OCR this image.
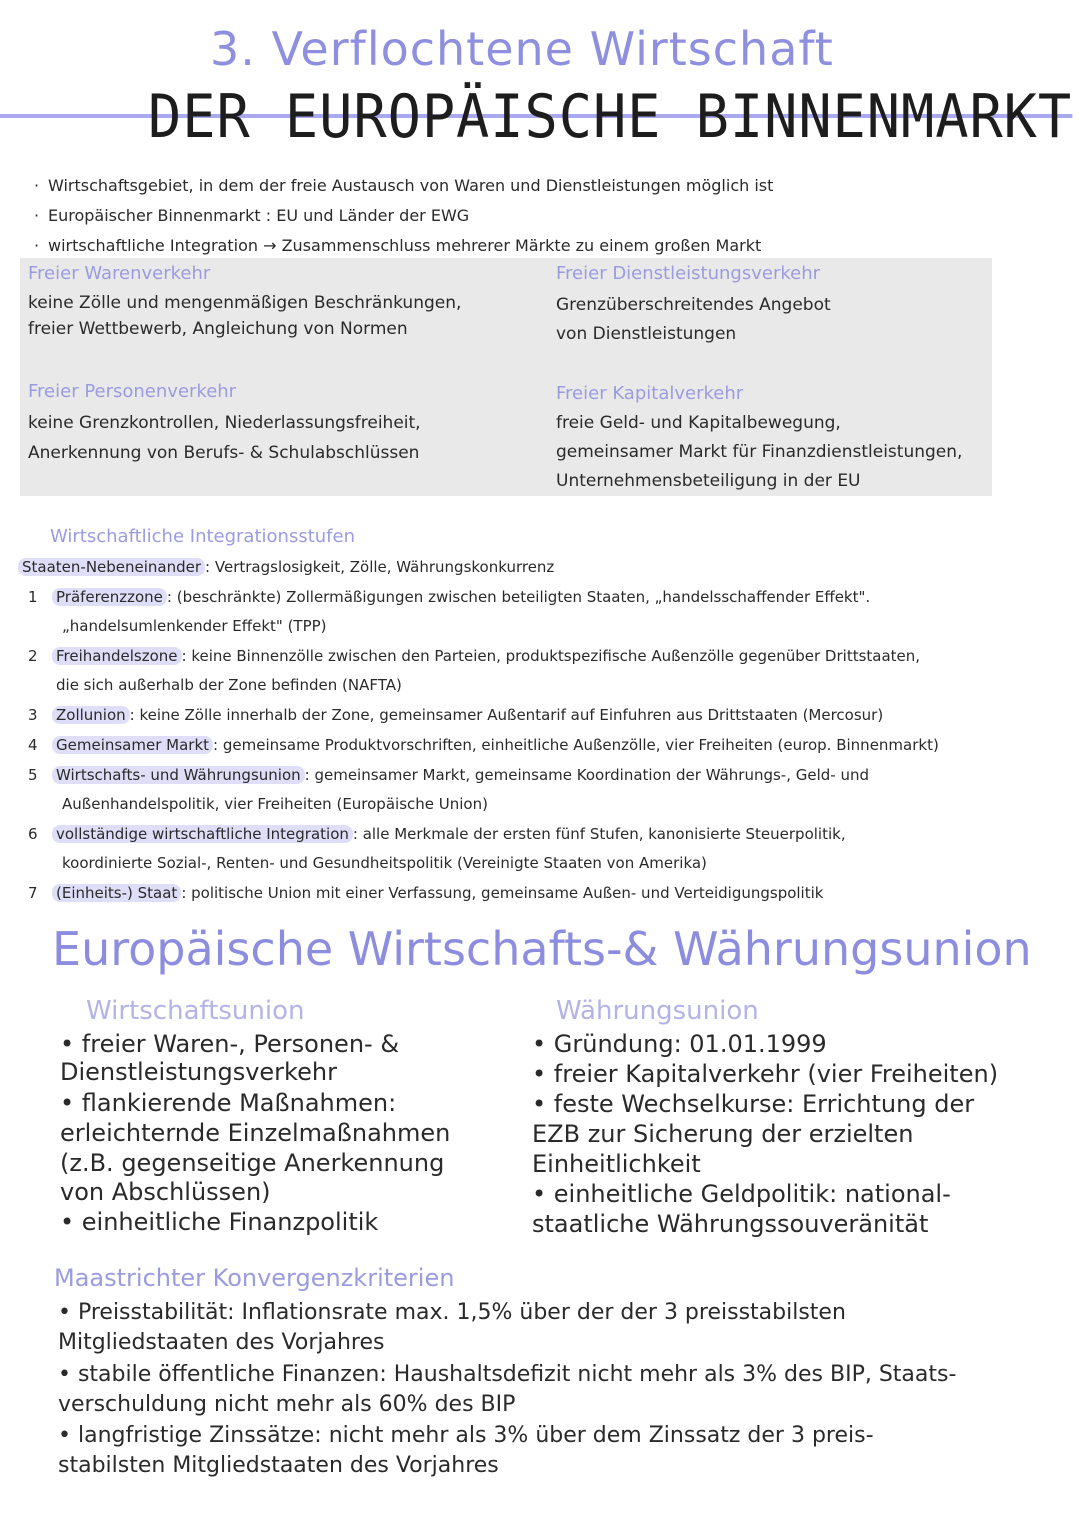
3. Verflochtene Wirtschaft
DER EUROPÄISCHE BINNENMARKT
· Wirtschaftsgebiet, in dem der freie Austausch von Waren und Dienstleistungen möglich ist
· Europäischer Binnenmarkt : EU und Länder der EWG
· wirtschaftliche Integration → Zusammenschluss mehrerer Märkte zu einem großen Markt
Freier Warenverkehr
keine Zölle und mengenmäßigen Beschränkungen,
freier Wettbewerb, Angleichung von Normen
Freier Dienstleistungsverkehr
Grenzüberschreitendes Angebot
von Dienstleistungen
Freier Personenverkehr
keine Grenzkontrollen, Niederlassungsfreiheit,
Anerkennung von Berufs- & Schulabschlüssen
Freier Kapitalverkehr
freie Geld- und Kapitalbewegung,
gemeinsamer Markt für Finanzdienstleistungen,
Unternehmensbeteiligung in der EU
Wirtschaftliche Integrationsstufen
Staaten-Nebeneinander : Vertragslosigkeit, Zölle, Währungskonkurrenz
1 Präferenzzone : (beschränkte) Zollermäßigungen zwischen beteiligten Staaten, „handelsschaffender Effekt".
„handelsumlenkender Effekt" (TPP)
2 Freihandelszone : keine Binnenzölle zwischen den Parteien, produktspezifische Außenzölle gegenüber Drittstaaten,
die sich außerhalb der Zone befinden (NAFTA)
3 Zollunion : keine Zölle innerhalb der Zone, gemeinsamer Außentarif auf Einfuhren aus Drittstaaten (Mercosur)
4 Gemeinsamer Markt : gemeinsame Produktvorschriften, einheitliche Außenzölle, vier Freiheiten (europ. Binnenmarkt)
5 Wirtschafts- und Währungsunion : gemeinsamer Markt, gemeinsame Koordination der Währungs-, Geld- und
Außenhandelspolitik, vier Freiheiten (Europäische Union)
6 vollständige wirtschaftliche Integration : alle Merkmale der ersten fünf Stufen, kanonisierte Steuerpolitik,
koordinierte Sozial-, Renten- und Gesundheitspolitik (Vereinigte Staaten von Amerika)
7 (Einheits-) Staat : politische Union mit einer Verfassung, gemeinsame Außen- und Verteidigungspolitik
Europäische Wirtschafts-& Währungsunion
Wirtschaftsunion
• freier Waren-, Personen- &
Dienstleistungsverkehr
• flankierende Maßnahmen:
erleichternde Einzelmaßnahmen
(z.B. gegenseitige Anerkennung
von Abschlüssen)
• einheitliche Finanzpolitik
Währungsunion
• Gründung: 01.01.1999
• freier Kapitalverkehr (vier Freiheiten)
• feste Wechselkurse: Errichtung der
EZB zur Sicherung der erzielten
Einheitlichkeit
• einheitliche Geldpolitik: national-
staatliche Währungssouveränität
Maastrichter Konvergenzkriterien
• Preisstabilität: Inflationsrate max. 1,5% über der der 3 preisstabilsten
Mitgliedstaaten des Vorjahres
• stabile öffentliche Finanzen: Haushaltsdefizit nicht mehr als 3% des BIP, Staats-
verschuldung nicht mehr als 60% des BIP
• langfristige Zinssätze: nicht mehr als 3% über dem Zinssatz der 3 preis-
stabilsten Mitgliedstaaten des Vorjahres
